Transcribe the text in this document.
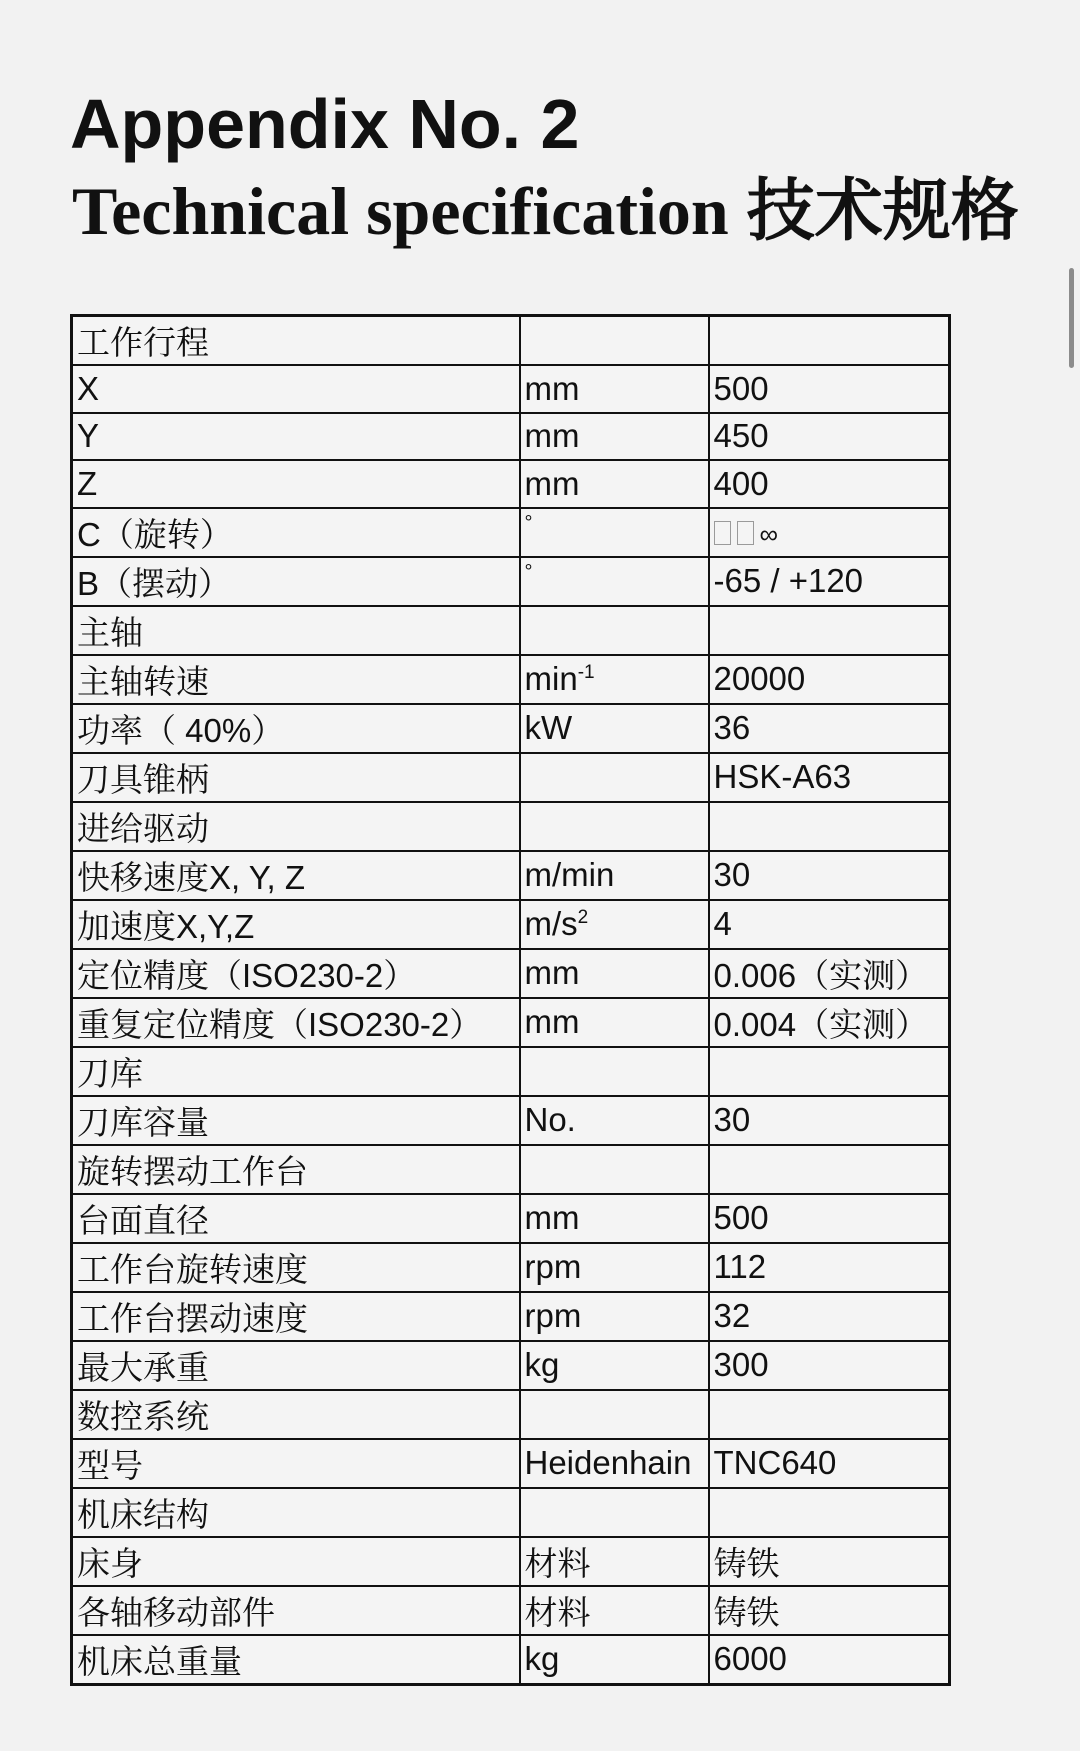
Appendix No. 2
Technical specification 技术规格
工作行程		
X	mm	500
Y	mm	450
Z	mm	400
C（旋转）	°	∞
B（摆动）	°	-65 / +120
主轴		
主轴转速	$\min^{-1}$	20000
功率（ 40%）	kW	36
刀具锥柄		HSK-A63
进给驱动		
快移速度X, Y, Z	m/min	30
加速度X,Y,Z	$m/s^2$	4
定位精度（ISO230-2）	mm	0.006（实测）
重复定位精度（ISO230-2）	mm	0.004（实测）
刀库		
刀库容量	No.	30
旋转摆动工作台		
台面直径	mm	500
工作台旋转速度	rpm	112
工作台摆动速度	rpm	32
最大承重	kg	300
数控系统		
型号	Heidenhain	TNC640
机床结构		
床身	材料	铸铁
各轴移动部件	材料	铸铁
机床总重量	kg	6000
